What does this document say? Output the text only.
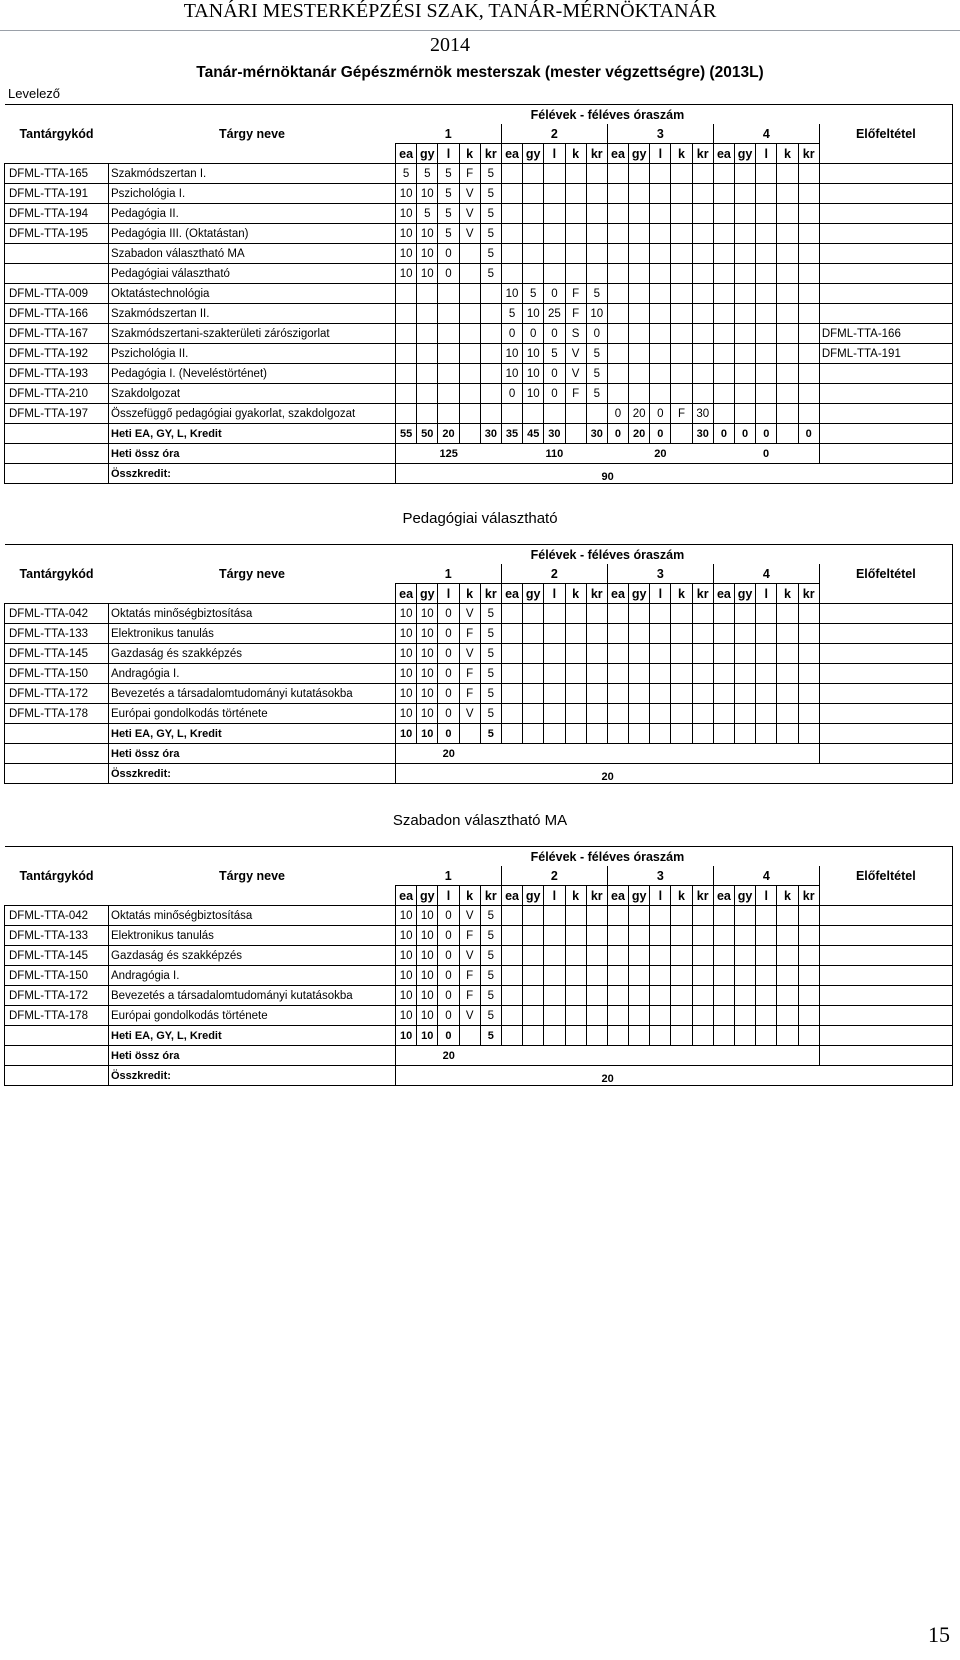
TANÁRI MESTERKÉPZÉSI SZAK, TANÁR-MÉRNÖKTANÁR
2014
Tanár-mérnöktanár Gépészmérnök mesterszak (mester végzettségre) (2013L)
Levelező
Pedagógiai választható
Szabadon választható MA
		Félévek - féléves óraszám																				
Tantárgykód	Tárgy neve	1					2					3					4					Előfeltétel
		ea	gy	l	k	kr	ea	gy	l	k	kr	ea	gy	l	k	kr	ea	gy	l	k	kr	
DFML-TTA-165	Szakmódszertan I.	5	5	5	F	5																
DFML-TTA-191	Pszichológia I.	10	10	5	V	5																
DFML-TTA-194	Pedagógia II.	10	5	5	V	5																
DFML-TTA-195	Pedagógia III. (Oktatástan)	10	10	5	V	5																
	Szabadon választható MA	10	10	0		5																
	Pedagógiai választható	10	10	0		5																
DFML-TTA-009	Oktatástechnológia						10	5	0	F	5											
DFML-TTA-166	Szakmódszertan II.						5	10	25	F	10											
DFML-TTA-167	Szakmódszertani-szakterületi zárószigorlat						0	0	0	S	0											DFML-TTA-166
DFML-TTA-192	Pszichológia II.						10	10	5	V	5											DFML-TTA-191
DFML-TTA-193	Pedagógia I. (Neveléstörténet)						10	10	0	V	5											
DFML-TTA-210	Szakdolgozat						0	10	0	F	5											
DFML-TTA-197	Összefüggő pedagógiai gyakorlat, szakdolgozat											0	20	0	F	30						
	Heti EA, GY, L, Kredit	55	50	20		30	35	45	30		30	0	20	0		30	0	0	0		0	
	Heti össz óra	125					110					20					0					
	Összkredit:	90																				
		Félévek - féléves óraszám																				
Tantárgykód	Tárgy neve	1					2					3					4					Előfeltétel
		ea	gy	l	k	kr	ea	gy	l	k	kr	ea	gy	l	k	kr	ea	gy	l	k	kr	
DFML-TTA-042	Oktatás minőségbiztosítása	10	10	0	V	5																
DFML-TTA-133	Elektronikus tanulás	10	10	0	F	5																
DFML-TTA-145	Gazdaság és szakképzés	10	10	0	V	5																
DFML-TTA-150	Andragógia I.	10	10	0	F	5																
DFML-TTA-172	Bevezetés a társadalomtudományi kutatásokba	10	10	0	F	5																
DFML-TTA-178	Európai gondolkodás története	10	10	0	V	5																
	Heti EA, GY, L, Kredit	10	10	0		5																
	Heti össz óra	20																				
	Összkredit:	20																				
		Félévek - féléves óraszám																				
Tantárgykód	Tárgy neve	1					2					3					4					Előfeltétel
		ea	gy	l	k	kr	ea	gy	l	k	kr	ea	gy	l	k	kr	ea	gy	l	k	kr	
DFML-TTA-042	Oktatás minőségbiztosítása	10	10	0	V	5																
DFML-TTA-133	Elektronikus tanulás	10	10	0	F	5																
DFML-TTA-145	Gazdaság és szakképzés	10	10	0	V	5																
DFML-TTA-150	Andragógia I.	10	10	0	F	5																
DFML-TTA-172	Bevezetés a társadalomtudományi kutatásokba	10	10	0	F	5																
DFML-TTA-178	Európai gondolkodás története	10	10	0	V	5																
	Heti EA, GY, L, Kredit	10	10	0		5																
	Heti össz óra	20																				
	Összkredit:	20																				
15
